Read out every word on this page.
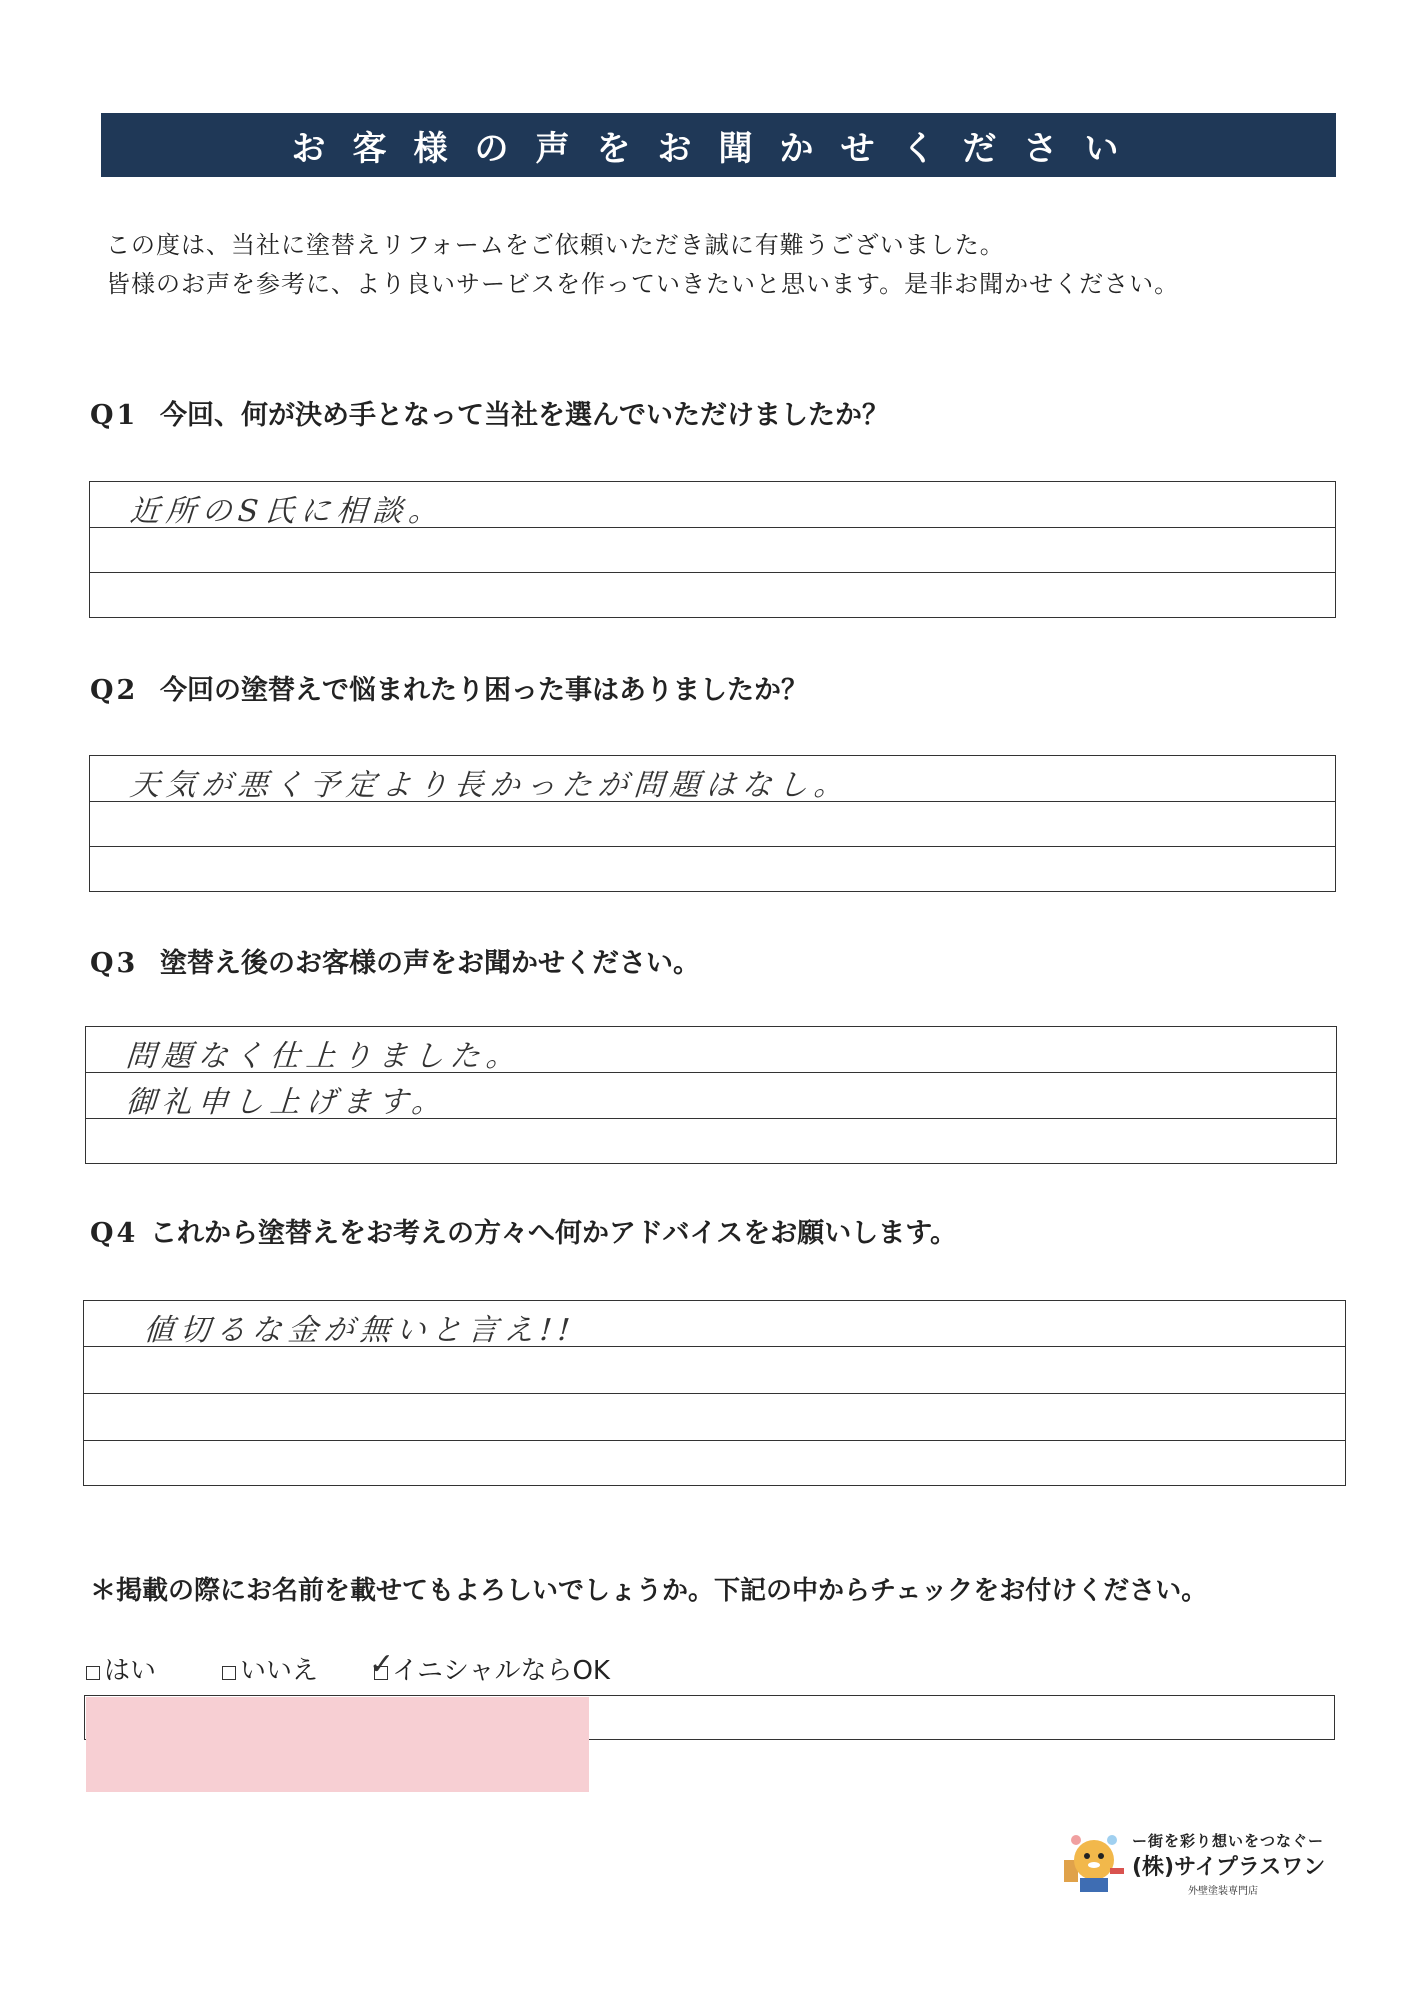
お客様の声をお聞かせください
この度は、当社に塗替えリフォームをご依頼いただき誠に有難うございました。
皆様のお声を参考に、より良いサービスを作っていきたいと思います。是非お聞かせください。
Q1 今回、何が決め手となって当社を選んでいただけましたか？
近所のS氏に相談。
Q2 今回の塗替えで悩まれたり困った事はありましたか？
天気が悪く予定より長かったが問題はなし。
Q3 塗替え後のお客様の声をお聞かせください。
問題なく仕上りました。
御礼申し上げます。
Q4 これから塗替えをお考えの方々へ何かアドバイスをお願いします。
値切るな金が無いと言え!!
＊掲載の際にお名前を載せてもよろしいでしょうか。下記の中からチェックをお付けください。
はい	いいえ ✓
イニシャルならOK
ー街を彩り想いをつなぐー
(株)サイプラスワン
外壁塗装専門店
